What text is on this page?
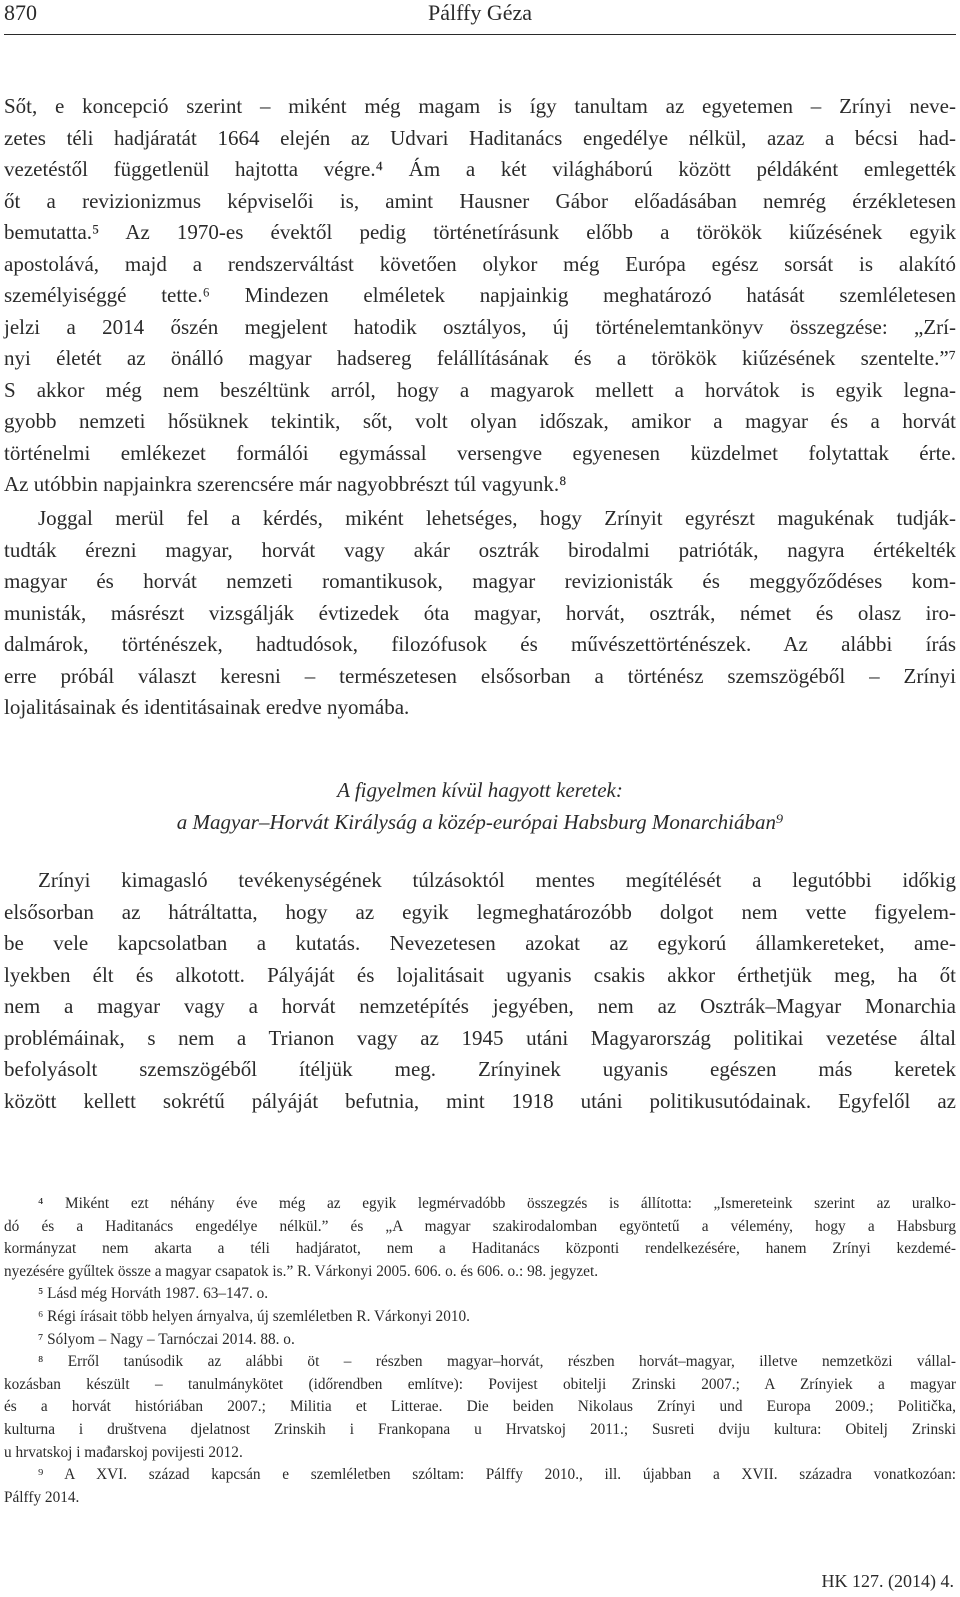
870	Pálffy Géza
Sőt, e koncepció szerint – miként még magam is így tanultam az egyetemen – Zrínyi neve-
zetes téli hadjáratát 1664 elején az Udvari Haditanács engedélye nélkül, azaz a bécsi had-
vezetéstől függetlenül hajtotta végre.⁴ Ám a két világháború között példáként emlegették
őt a revizionizmus képviselői is, amint Hausner Gábor előadásában nemrég érzékletesen
bemutatta.⁵ Az 1970-es évektől pedig történetírásunk előbb a törökök kiűzésének egyik
apostolává, majd a rendszerváltást követően olykor még Európa egész sorsát is alakító
személyiséggé tette.⁶ Mindezen elméletek napjainkig meghatározó hatását szemléletesen
jelzi a 2014 őszén megjelent hatodik osztályos, új történelemtankönyv összegzése: „Zrí-
nyi életét az önálló magyar hadsereg felállításának és a törökök kiűzésének szentelte.”⁷
S akkor még nem beszéltünk arról, hogy a magyarok mellett a horvátok is egyik legna-
gyobb nemzeti hősüknek tekintik, sőt, volt olyan időszak, amikor a magyar és a horvát
történelmi emlékezet formálói egymással versengve egyenesen küzdelmet folytattak érte.
Az utóbbin napjainkra szerencsére már nagyobbrészt túl vagyunk.⁸
Joggal merül fel a kérdés, miként lehetséges, hogy Zrínyit egyrészt magukénak tudják-
tudták érezni magyar, horvát vagy akár osztrák birodalmi patrióták, nagyra értékelték
magyar és horvát nemzeti romantikusok, magyar revizionisták és meggyőződéses kom-
munisták, másrészt vizsgálják évtizedek óta magyar, horvát, osztrák, német és olasz iro-
dalmárok, történészek, hadtudósok, filozófusok és művészettörténészek. Az alábbi írás
erre próbál választ keresni – természetesen elsősorban a történész szemszögéből – Zrínyi
lojalitásainak és identitásainak eredve nyomába.
A figyelmen kívül hagyott keretek:
a Magyar–Horvát Királyság a közép-európai Habsburg Monarchiában⁹
Zrínyi kimagasló tevékenységének túlzásoktól mentes megítélését a legutóbbi időkig
elsősorban az hátráltatta, hogy az egyik legmeghatározóbb dolgot nem vette figyelem-
be vele kapcsolatban a kutatás. Nevezetesen azokat az egykorú államkereteket, ame-
lyekben élt és alkotott. Pályáját és lojalitásait ugyanis csakis akkor érthetjük meg, ha őt
nem a magyar vagy a horvát nemzetépítés jegyében, nem az Osztrák–Magyar Monarchia
problémáinak, s nem a Trianon vagy az 1945 utáni Magyarország politikai vezetése által
befolyásolt szemszögéből ítéljük meg. Zrínyinek ugyanis egészen más keretek
között kellett sokrétű pályáját befutnia, mint 1918 utáni politikusutódainak. Egyfelől az
⁴ Miként ezt néhány éve még az egyik legmérvadóbb összegzés is állította: „Ismereteink szerint az uralko-
dó és a Haditanács engedélye nélkül.” és „A magyar szakirodalomban egyöntetű a vélemény, hogy a Habsburg
kormányzat nem akarta a téli hadjáratot, nem a Haditanács központi rendelkezésére, hanem Zrínyi kezdemé-
nyezésére gyűltek össze a magyar csapatok is.” R. Várkonyi 2005. 606. o. és 606. o.: 98. jegyzet.
⁵ Lásd még Horváth 1987. 63–147. o.
⁶ Régi írásait több helyen árnyalva, új szemléletben R. Várkonyi 2010.
⁷ Sólyom – Nagy – Tarnóczai 2014. 88. o.
⁸ Erről tanúsodik az alábbi öt – részben magyar–horvát, részben horvát–magyar, illetve nemzetközi vállal-
kozásban készült – tanulmánykötet (időrendben említve): Povijest obitelji Zrinski 2007.; A Zrínyiek a magyar
és a horvát históriában 2007.; Militia et Litterae. Die beiden Nikolaus Zrínyi und Europa 2009.; Politička,
kulturna i društvena djelatnost Zrinskih i Frankopana u Hrvatskoj 2011.; Susreti dviju kultura: Obitelj Zrinski
u hrvatskoj i mađarskoj povijesti 2012.
⁹ A XVI. század kapcsán e szemléletben szóltam: Pálffy 2010., ill. újabban a XVII. századra vonatkozóan:
Pálffy 2014.
HK 127. (2014) 4.
